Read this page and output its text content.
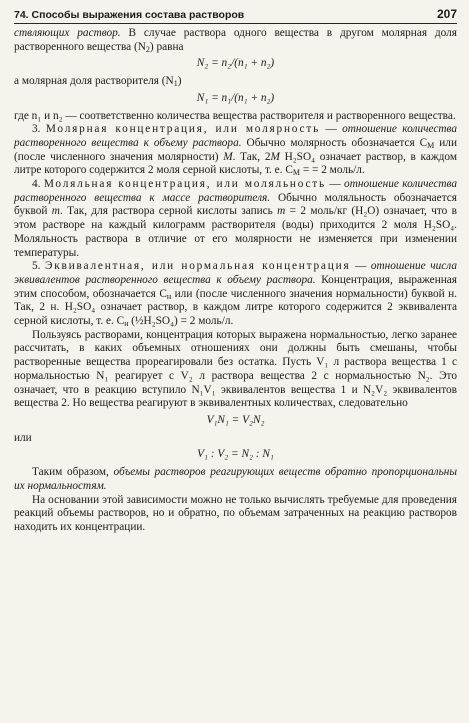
74. Способы выражения состава растворов	207

ствляющих раствор. В случае раствора одного вещества в другом молярная доля растворенного вещества $(N_2)$ равна

N₂ = n₂/(n₁ + n₂)

а молярная доля растворителя $(N_1)$

N₁ = n₁/(n₁ + n₂)

где n₁ и n₂ — соответственно количества вещества растворителя и растворенного вещества.

3. Молярная концентрация, или молярность — отношение количества растворенного вещества к объему раствора. Обычно молярность обозначается $C_М$ или (после численного значения молярности) М. Так, 2М H₂SO₄ означает раствор, в каждом литре которого содержится 2 моля серной кислоты, т. е. $C_М$ = = 2 моль/л.

4. Моляльная концентрация, или моляльность — отношение количества растворенного вещества к массе растворителя. Обычно моляльность обозначается буквой m. Так, для раствора серной кислоты запись m = 2 моль/кг (H₂O) означает, что в этом растворе на каждый килограмм растворителя (воды) приходится 2 моля H₂SO₄. Моляльность раствора в отличие от его молярности не изменяется при изменении температуры.

5. Эквивалентная, или нормальная концентрация — отношение числа эквивалентов растворенного вещества к объему раствора. Концентрация, выраженная этим способом, обозначается $C_н$ или (после численного значения нормальности) буквой н. Так, 2 н. H₂SO₄ означает раствор, в каждом литре которого содержится 2 эквивалента серной кислоты, т. е. $C_н$ (½H₂SO₄) = 2 моль/л.

Пользуясь растворами, концентрация которых выражена нормальностью, легко заранее рассчитать, в каких объемных отношениях они должны быть смешаны, чтобы растворенные вещества прореагировали без остатка. Пусть V₁ л раствора вещества 1 с нормальностью N₁ реагирует с V₂ л раствора вещества 2 с нормальностью N₂. Это означает, что в реакцию вступило N₁V₁ эквивалентов вещества 1 и N₂V₂ эквивалентов вещества 2. Но вещества реагируют в эквивалентных количествах, следовательно

V₁N₁ = V₂N₂

или

V₁ : V₂ = N₂ : N₁

Таким образом, объемы растворов реагирующих веществ обратно пропорциональны их нормальностям.

На основании этой зависимости можно не только вычислять требуемые для проведения реакций объемы растворов, но и обратно, по объемам затраченных на реакцию растворов находить их концентрации.
